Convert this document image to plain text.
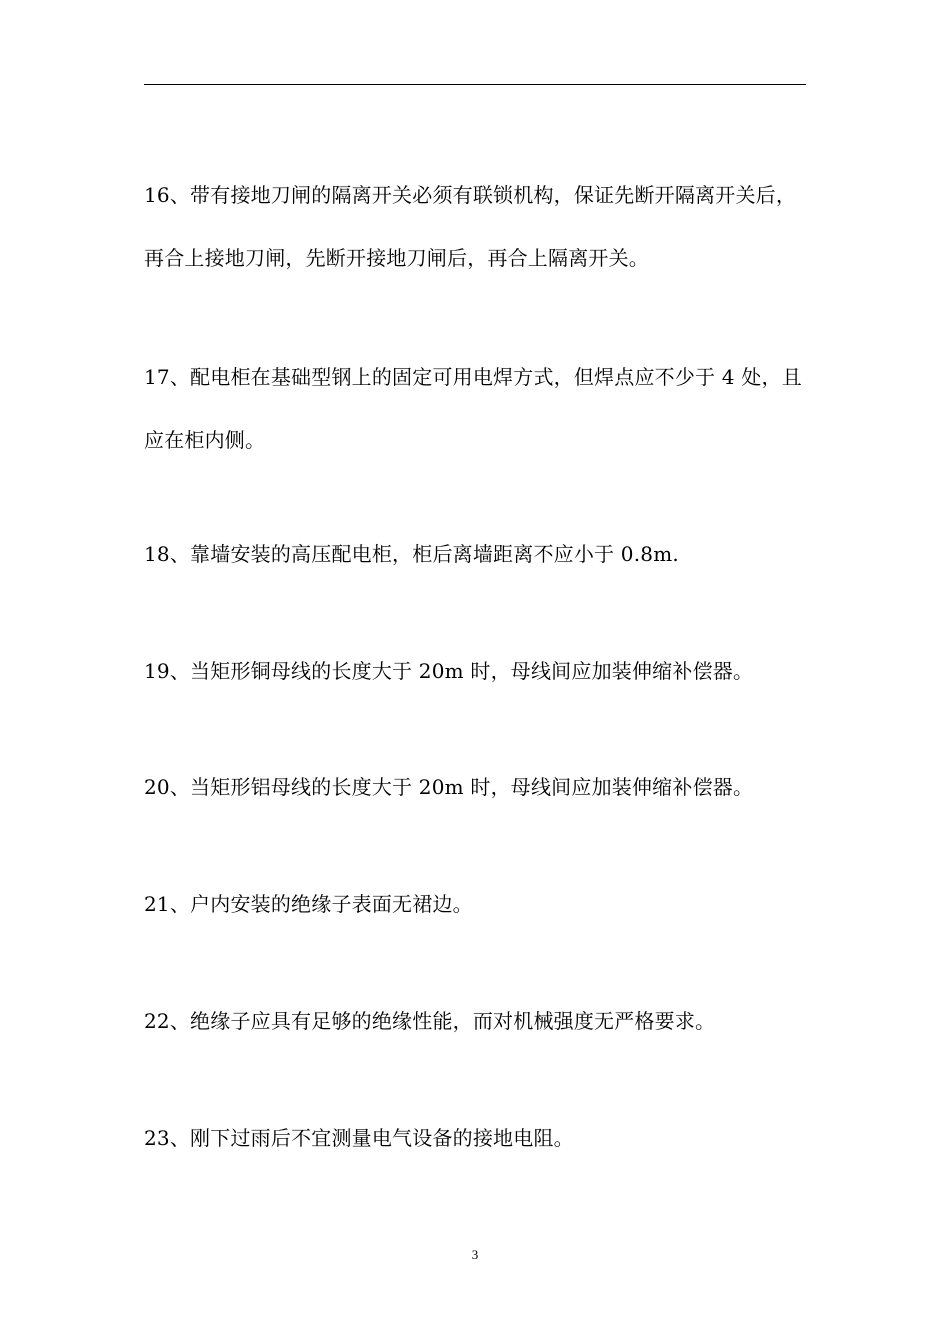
16、带有接地刀闸的隔离开关必须有联锁机构，保证先断开隔离开关后，再合上接地刀闸，先断开接地刀闸后，再合上隔离开关。

17、配电柜在基础型钢上的固定可用电焊方式，但焊点应不少于 4 处，且应在柜内侧。

18、靠墙安装的高压配电柜，柜后离墙距离不应小于 0.8m.

19、当矩形铜母线的长度大于 20m 时，母线间应加装伸缩补偿器。

20、当矩形铝母线的长度大于 20m 时，母线间应加装伸缩补偿器。

21、户内安装的绝缘子表面无裙边。

22、绝缘子应具有足够的绝缘性能，而对机械强度无严格要求。

23、刚下过雨后不宜测量电气设备的接地电阻。

3
